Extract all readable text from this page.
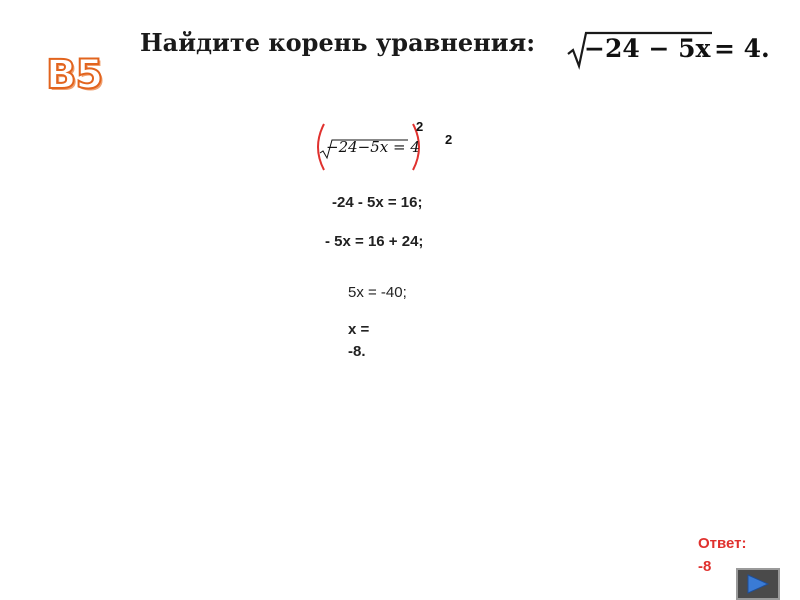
B5
Найдите корень уравнения: −24 − 5x = 4.
−24−5x = 4
2
2
-24 - 5x = 16;
- 5x = 16 + 24;
5x = -40;
x =
-8.
Ответ:
-8
